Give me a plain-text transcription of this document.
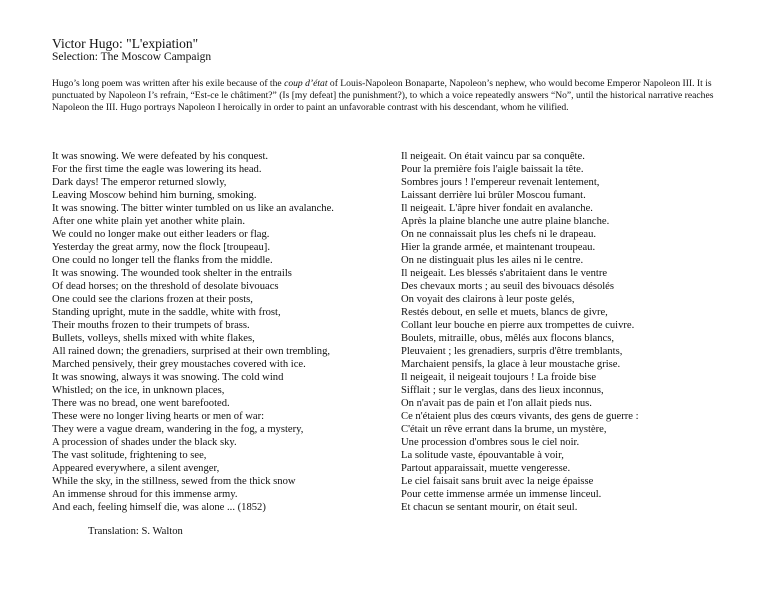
Victor Hugo: "L'expiation"
Selection: The Moscow Campaign

Hugo’s long poem was written after his exile because of the coup d’état of Louis-Napoleon Bonaparte, Napoleon’s nephew, who would become Emperor Napoleon III. It is punctuated by Napoleon I’s refrain, “Est-ce le châtiment?” (Is [my defeat] the punishment?), to which a voice repeatedly answers “No”, until the historical narrative reaches Napoleon the III. Hugo portrays Napoleon I heroically in order to paint an unfavorable contrast with his descendant, whom he vilified.

It was snowing. We were defeated by his conquest.
For the first time the eagle was lowering its head.
Dark days! The emperor returned slowly,
Leaving Moscow behind him burning, smoking.
It was snowing. The bitter winter tumbled on us like an avalanche.
After one white plain yet another white plain.
We could no longer make out either leaders or flag.
Yesterday the great army, now the flock [troupeau].
One could no longer tell the flanks from the middle.
It was snowing. The wounded took shelter in the entrails
Of dead horses; on the threshold of desolate bivouacs
One could see the clarions frozen at their posts,
Standing upright, mute in the saddle, white with frost,
Their mouths frozen to their trumpets of brass.
Bullets, volleys, shells mixed with white flakes,
All rained down; the grenadiers, surprised at their own trembling,
Marched pensively, their grey moustaches covered with ice.
It was snowing, always it was snowing. The cold wind
Whistled; on the ice, in unknown places,
There was no bread, one went barefooted.
These were no longer living hearts or men of war:
They were a vague dream, wandering in the fog, a mystery,
A procession of shades under the black sky.
The vast solitude, frightening to see,
Appeared everywhere, a silent avenger,
While the sky, in the stillness, sewed from the thick snow
An immense shroud for this immense army.
And each, feeling himself die, was alone ... (1852)
Il neigeait. On était vaincu par sa conquête.
Pour la première fois l'aigle baissait la tête.
Sombres jours ! l'empereur revenait lentement,
Laissant derrière lui brûler Moscou fumant.
Il neigeait. L'âpre hiver fondait en avalanche.
Après la plaine blanche une autre plaine blanche.
On ne connaissait plus les chefs ni le drapeau.
Hier la grande armée, et maintenant troupeau.
On ne distinguait plus les ailes ni le centre.
Il neigeait. Les blessés s'abritaient dans le ventre
Des chevaux morts ; au seuil des bivouacs désolés
On voyait des clairons à leur poste gelés,
Restés debout, en selle et muets, blancs de givre,
Collant leur bouche en pierre aux trompettes de cuivre.
Boulets, mitraille, obus, mêlés aux flocons blancs,
Pleuvaient ; les grenadiers, surpris d'être tremblants,
Marchaient pensifs, la glace à leur moustache grise.
Il neigeait, il neigeait toujours ! La froide bise
Sifflait ; sur le verglas, dans des lieux inconnus,
On n'avait pas de pain et l'on allait pieds nus.
Ce n'étaient plus des cœurs vivants, des gens de guerre :
C'était un rêve errant dans la brume, un mystère,
Une procession d'ombres sous le ciel noir.
La solitude vaste, épouvantable à voir,
Partout apparaissait, muette vengeresse.
Le ciel faisait sans bruit avec la neige épaisse
Pour cette immense armée un immense linceul.
Et chacun se sentant mourir, on était seul.
Translation: S. Walton
